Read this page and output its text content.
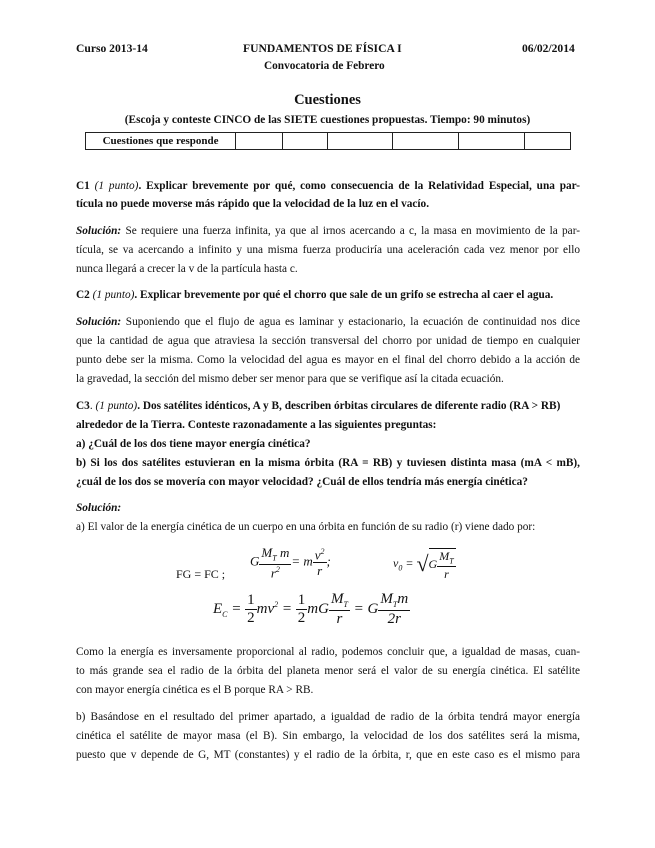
Curso 2013-14	FUNDAMENTOS DE FÍSICA I	06/02/2014
Convocatoria de Febrero
Cuestiones
(Escoja y conteste CINCO de las SIETE cuestiones propuestas. Tiempo: 90 minutos)
Cuestiones que responde						
C1 (1 punto). Explicar brevemente por qué, como consecuencia de la Relatividad Especial, una par-
tícula no puede moverse más rápido que la velocidad de la luz en el vacío.
Solución: Se requiere una fuerza infinita, ya que al irnos acercando a c, la masa en movimiento de la par-
tícula, se va acercando a infinito y una misma fuerza produciría una aceleración cada vez menor por ello
nunca llegará a crecer la v de la partícula hasta c.
C2 (1 punto). Explicar brevemente por qué el chorro que sale de un grifo se estrecha al caer el agua.
Solución: Suponiendo que el flujo de agua es laminar y estacionario, la ecuación de continuidad nos dice
que la cantidad de agua que atraviesa la sección transversal del chorro por unidad de tiempo en cualquier
punto debe ser la misma. Como la velocidad del agua es mayor en el final del chorro debido a la acción de
la gravedad, la sección del mismo deber ser menor para que se verifique así la citada ecuación.
C3. (1 punto). Dos satélites idénticos, A y B, describen órbitas circulares de diferente radio (RA > RB)
alrededor de la Tierra. Conteste razonadamente a las siguientes preguntas:
a) ¿Cuál de los dos tiene mayor energía cinética?
b) Si los dos satélites estuvieran en la misma órbita (RA = RB) y tuviesen distinta masa (mA < mB),
¿cuál de los dos se movería con mayor velocidad? ¿Cuál de ellos tendría más energía cinética?
Solución:
a) El valor de la energía cinética de un cuerpo en una órbita en función de su radio (r) viene dado por:
FG = FC ;
G $\frac{M_T m}{r^2} = m \frac{v^2}{r}$ ;	$v_0$ = √ G $\frac{M_T}{r}$
$E_C = \frac{1}{2} mv^2 = \frac{1}{2}$ mG $\frac{M_T}{r} = G \frac{M_Tm}{2r}$
Como la energía es inversamente proporcional al radio, podemos concluir que, a igualdad de masas, cuan-
to más grande sea el radio de la órbita del planeta menor será el valor de su energía cinética. El satélite
con mayor energía cinética es el B porque RA > RB.
b) Basándose en el resultado del primer apartado, a igualdad de radio de la órbita tendrá mayor energía
cinética el satélite de mayor masa (el B). Sin embargo, la velocidad de los dos satélites será la misma,
puesto que v depende de G, MT (constantes) y el radio de la órbita, r, que en este caso es el mismo para
